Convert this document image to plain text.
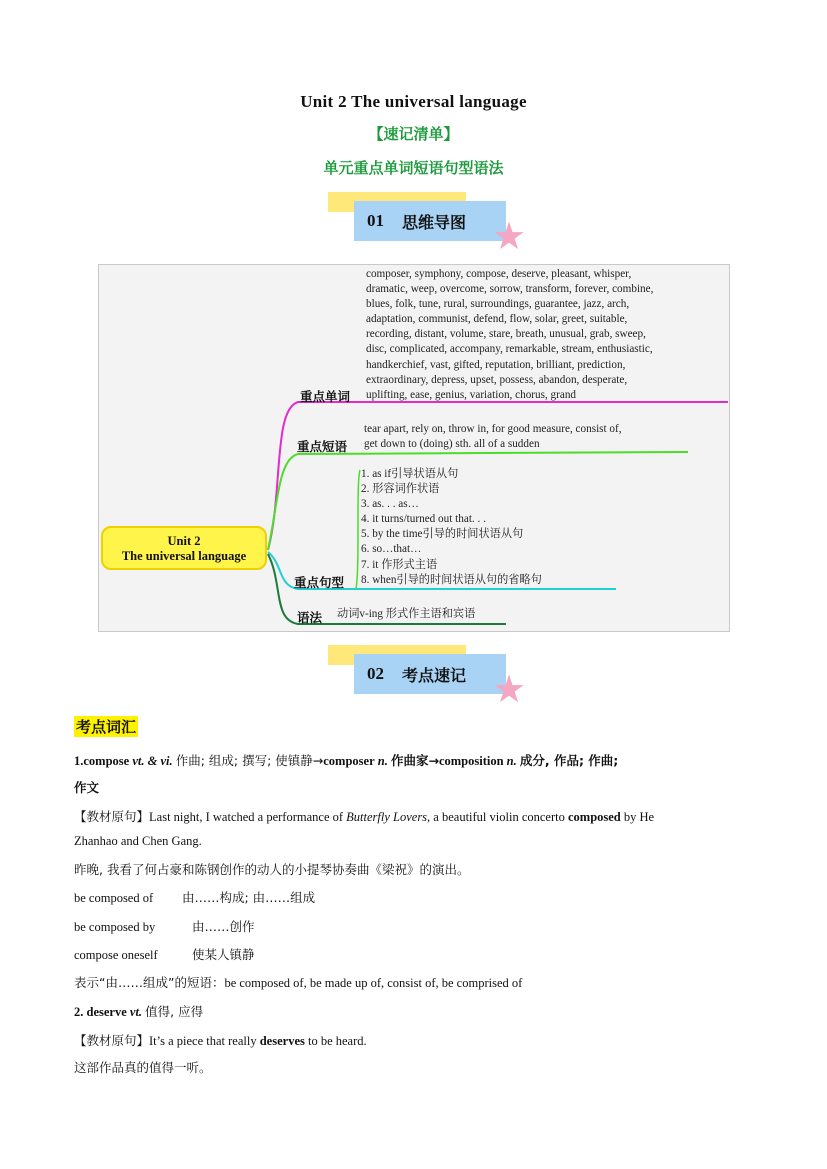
Unit 2 The universal language
【速记清单】
单元重点单词短语句型语法
01 思维导图 ★
Unit 2
The universal language
重点单词
重点短语
重点句型
语法
composer, symphony, compose, deserve, pleasant, whisper,
dramatic, weep, overcome, sorrow, transform, forever, combine,
blues, folk, tune, rural, surroundings, guarantee, jazz, arch,
adaptation, communist, defend, flow, solar, greet, suitable,
recording, distant, volume, stare, breath, unusual, grab, sweep,
disc, complicated, accompany, remarkable, stream, enthusiastic,
handkerchief, vast, gifted, reputation, brilliant, prediction,
extraordinary, depress, upset, possess, abandon, desperate,
uplifting, ease, genius, variation, chorus, grand
tear apart, rely on, throw in, for good measure, consist of,
get down to (doing) sth. all of a sudden
1. as if引导状语从句
2. 形容词作状语
3. as. . . as…
4. it turns/turned out that. . .
5. by the time引导的时间状语从句
6. so…that…
7. it 作形式主语
8. when引导的时间状语从句的省略句
动词v-ing 形式作主语和宾语
02 考点速记 ★
考点词汇
1.compose vt. & vi. 作曲; 组成; 撰写; 使镇静→composer n. 作曲家→composition n. 成分, 作品; 作曲;
作文
【教材原句】Last night, I watched a performance of Butterfly Lovers, a beautiful violin concerto composed by He
Zhanhao and Chen Gang.
昨晚, 我看了何占豪和陈钢创作的动人的小提琴协奏曲《梁祝》的演出。
be composed of 由……构成; 由……组成
be composed by	由……创作
compose oneself	使某人镇静
表示“由……组成”的短语：be composed of, be made up of, consist of, be comprised of
2. deserve vt. 值得, 应得
【教材原句】It’s a piece that really deserves to be heard.
这部作品真的值得一听。
